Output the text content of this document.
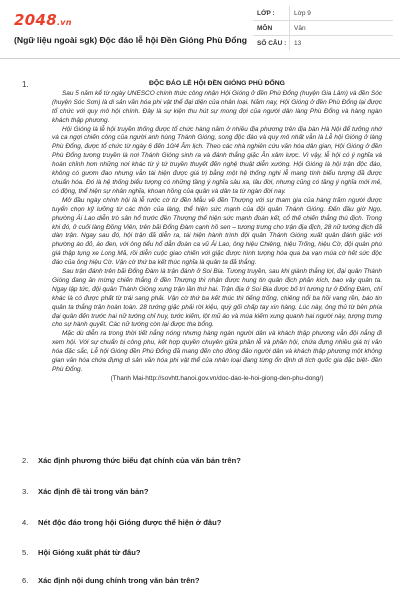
2048.vn
(Ngữ liệu ngoài sgk) Độc đáo lễ hội Đền Gióng Phù Đổng
LỚP :	Lớp 9
MÔN	Văn
SỐ CÂU :	13
1.	ĐỘC ĐÁO LỄ HỘI ĐỀN GIÓNG PHÙ ĐỔNG

Sau 5 năm kể từ ngày UNESCO chính thức công nhận Hội Gióng ở đền Phù Đổng (huyện Gia Lâm) và đền Sóc (huyện Sóc Sơn) là di sản văn hóa phi vật thể đại diện của nhân loại. Năm nay, Hội Gióng ở đền Phù Đổng lại được tổ chức với quy mô hội chính. Đây là sự kiện thu hút sự mong đợi của người dân làng Phù Đổng và hàng ngàn khách thập phương.

Hội Gióng là lễ hội truyền thống được tổ chức hàng năm ở nhiều địa phương trên địa bàn Hà Nội để tưởng nhớ và ca ngợi chiến công của người anh hùng Thánh Gióng, song độc đáo và quy mô nhất vẫn là Lễ hội Gióng ở làng Phù Đổng, được tổ chức từ ngày 6 đến 10/4 Âm lịch. Theo các nhà nghiên cứu văn hóa dân gian, Hội Gióng ở đền Phù Đổng tương truyền là nơi Thánh Gióng sinh ra và đánh thắng giặc Ân xâm lược. Vì vậy, lễ hội có ý nghĩa và hoàn chỉnh hơn những nơi khác từ ý tứ truyền thuyết đến nghệ thuật diễn xướng. Hội Gióng là hội trận độc đáo, không có gươm đao nhưng vẫn tái hiện được giá trị bằng một hệ thống nghi lễ mang tính biểu tượng đã được chuẩn hóa. Đó là hệ thống biểu tượng có những tầng ý nghĩa sâu xa, lâu đời, nhưng cũng có tầng ý nghĩa mới mẻ, có động, thể hiện sự nhân nghĩa, khoan hồng của quân và dân ta từ ngàn đời nay.

Mở đầu ngày chính hội là lễ rước cờ từ đền Mẫu về đền Thượng với sự tham gia của hàng trăm người được tuyển chọn kỹ lưỡng từ các thôn của làng, thể hiện sức mạnh của đội quân Thánh Gióng. Đến đầu giờ Ngọ, phường Ải Lao diễn trò sân hổ trước đền Thượng thể hiện sức mạnh đoàn kết, cổ thế chiến thắng thù địch. Trong khi đó, ở cuối làng Đồng Viên, trên bãi Đổng Đàm cạnh hồ sen – tương trưng cho trận địa địch, 28 nữ tướng địch đã dàn trận. Ngay sau đó, hội trận đã diễn ra, tái hiện hành trình đội quân Thánh Gióng xuất quân đánh giặc với phường áo đỏ, áo đen, với ông tiểu hổ dẫn đoàn ca vũ Ải Lao, ông hiệu Chiêng, hiệu Trống, hiệu Cờ, đội quân phù giá thập tụng xe Long Mã, rồi diễn cuộc giao chiến với giặc được hình tượng hóa qua ba vạn múa cờ hết sức độc đáo của ông hiệu Cờ. Vận cờ thứ ba kết thúc nghĩa là quân ta đã thắng.

Sau trận đánh trên bãi Đổng Đàm là trận đánh ở Soi Bia. Tương truyền, sau khi giành thắng lợi, đại quân Thánh Gióng đang ăn mừng chiến thắng ở đền Thượng thì nhận được hung tin quân địch phản kích, bao vây quân ta. Ngay lập tức, đội quân Thánh Gióng xung trận lần thứ hai. Trận địa ở Soi Bia được bố trí tương tự ở Đổng Đàm, chỉ khác là có được phất từ trái sang phải. Vận cờ thứ ba kết thúc thì tiếng trống, chiêng nổi ba hồi vang rền, báo tin quân ta thắng trận hoàn toàn. 28 tướng giặc phải rời kiệu, quỳ gối chấp tay xin hàng. Lúc này, ông thủ từ bên phía đại quân đến trước hai nữ tướng chỉ huy, tước kiếm, lột mũ áo và múa kiếm xung quanh hai người này, tượng trưng cho sự hành quyết. Các nữ tướng còn lại được tha bổng.

Mặc dù diễn ra trong thời tiết nắng nóng nhưng hàng ngàn người dân và khách thập phương vẫn đội nắng đi xem hội. Với sự chuẩn bị công phu, kết hợp quyền chuyên giữa phần lễ và phần hội, chứa đựng nhiều giá trị văn hóa đặc sắc, Lễ hội Gióng đền Phù Đổng đã mang đến cho đông đảo người dân và khách thập phương một không gian văn hóa chứa đựng di sản văn hóa phi vật thể của nhân loại đang từng ổn định di tích quốc gia đặc biệt- đền Phù Đổng.

(Thanh Mai-http://sovhtt.hanoi.gov.vn/doc-dao-le-hoi-giong-den-phu-dong/)
2. Xác định phương thức biểu đạt chính của văn bản trên?
3. Xác định đề tài trong văn bản?
4. Nét độc đáo trong hội Gióng được thể hiện ở đâu?
5. Hội Gióng xuất phát từ đâu?
6. Xác định nội dung chính trong văn bản trên?
